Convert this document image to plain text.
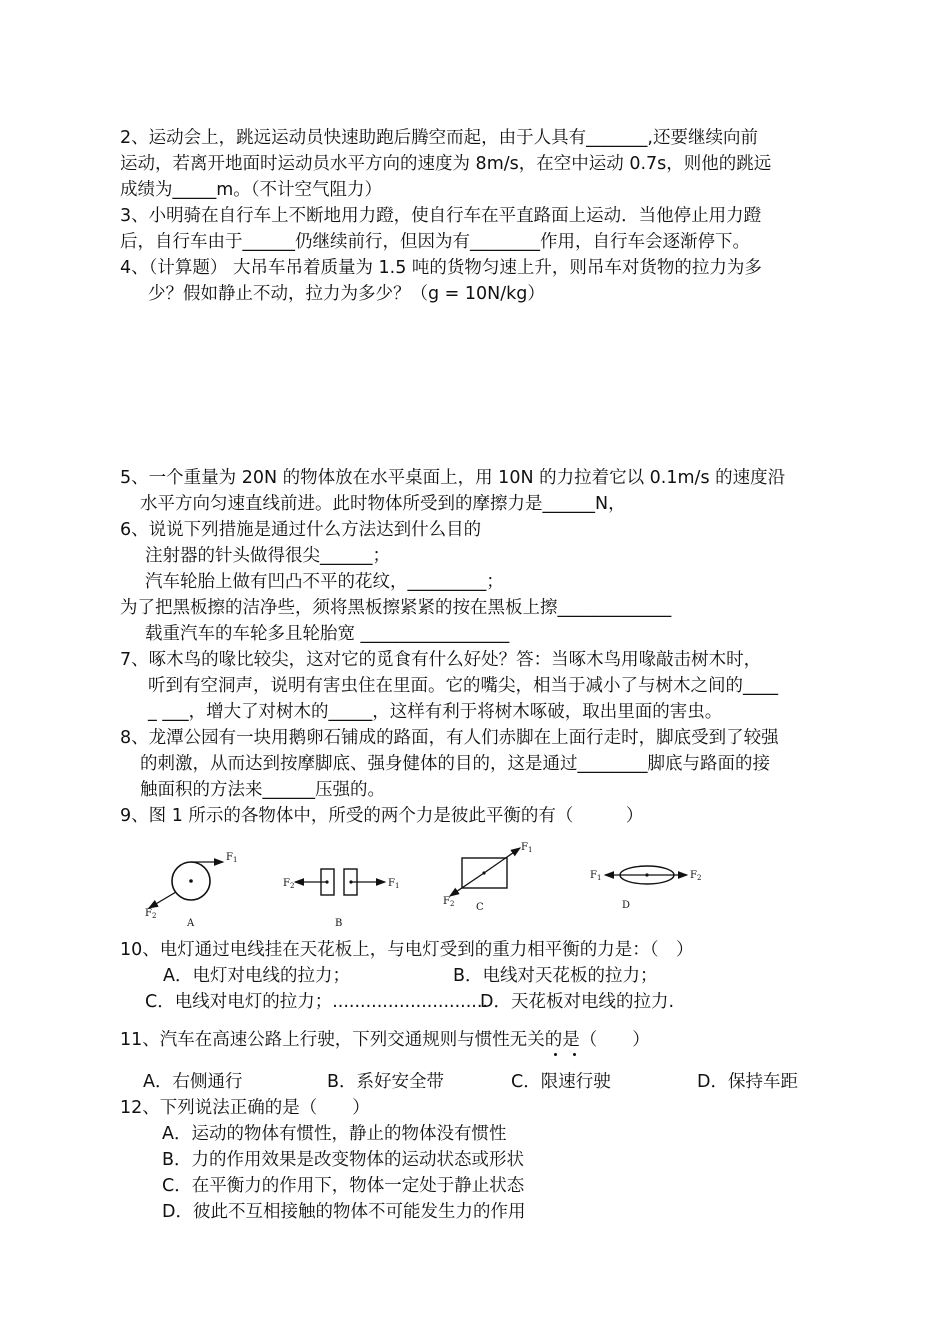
2、运动会上，跳远运动员快速助跑后腾空而起，由于人具有_______,还要继续向前
运动，若离开地面时运动员水平方向的速度为 8m/s，在空中运动 0.7s，则他的跳远
成绩为_____m。（不计空气阻力）
3、小明骑在自行车上不断地用力蹬，使自行车在平直路面上运动．当他停止用力蹬
后，自行车由于______仍继续前行，但因为有________作用，自行车会逐渐停下。
4、（计算题） 大吊车吊着质量为 1.5 吨的货物匀速上升，则吊车对货物的拉力为多
少？假如静止不动，拉力为多少？（g = 10N/kg）
5、一个重量为 20N 的物体放在水平桌面上，用 10N 的力拉着它以 0.1m/s 的速度沿
水平方向匀速直线前进。此时物体所受到的摩擦力是______N，
6、说说下列措施是通过什么方法达到什么目的
注射器的针头做得很尖______；
汽车轮胎上做有凹凸不平的花纹，_________；
为了把黑板擦的洁净些，须将黑板擦紧紧的按在黑板上擦_____________
载重汽车的车轮多且轮胎宽 _________________
7、啄木鸟的喙比较尖，这对它的觅食有什么好处？答：当啄木鸟用喙敲击树木时，
听到有空洞声，说明有害虫住在里面。它的嘴尖，相当于减小了与树木之间的____
_ ___，增大了对树木的_____，这样有利于将树木啄破，取出里面的害虫。
8、龙潭公园有一块用鹅卵石铺成的路面，有人们赤脚在上面行走时，脚底受到了较强
的刺激，从而达到按摩脚底、强身健体的目的，这是通过________脚底与路面的接
触面积的方法来______压强的。
9、图 1 所示的各物体中，所受的两个力是彼此平衡的有（　　　）
$F_1$
$F_2$
A
$F_2$	$F_1$
B
$F_1$
$F_2$ C
$F_1$	$F_2$
D
10、电灯通过电线挂在天花板上，与电灯受到的重力相平衡的力是：（　）
A．电灯对电线的拉力；	B．电线对天花板的拉力；
C．电线对电灯的拉力；............................
D．天花板对电线的拉力.
11、汽车在高速公路上行驶，下列交通规则与惯性无关的是（　　）
A．右侧通行	B．系好安全带	C．限速行驶	D．保持车距
12、下列说法正确的是（　　）
A．运动的物体有惯性，静止的物体没有惯性
B．力的作用效果是改变物体的运动状态或形状
C．在平衡力的作用下，物体一定处于静止状态
D．彼此不互相接触的物体不可能发生力的作用
